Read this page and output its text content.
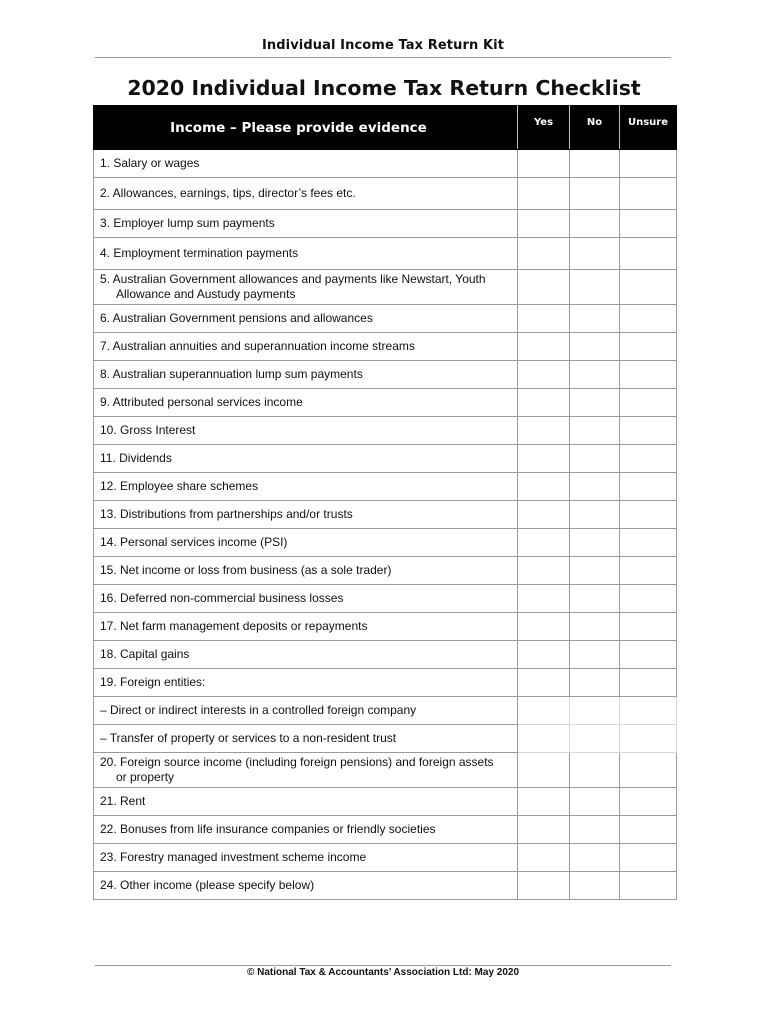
Individual Income Tax Return Kit
2020 Individual Income Tax Return Checklist
Income – Please provide evidence	Yes	No	Unsure
1. Salary or wages			
2. Allowances, earnings, tips, director’s fees etc.			
3. Employer lump sum payments			
4. Employment termination payments			
5. Australian Government allowances and payments like Newstart, Youth
Allowance and Austudy payments			

6. Australian Government pensions and allowances			
7. Australian annuities and superannuation income streams			
8. Australian superannuation lump sum payments			
9. Attributed personal services income			
10. Gross Interest			
11. Dividends			
12. Employee share schemes			
13. Distributions from partnerships and/or trusts			
14. Personal services income (PSI)			
15. Net income or loss from business (as a sole trader)			
16. Deferred non-commercial business losses			
17. Net farm management deposits or repayments			
18. Capital gains			
19. Foreign entities:			
– Direct or indirect interests in a controlled foreign company			
– Transfer of property or services to a non-resident trust			
20. Foreign source income (including foreign pensions) and foreign assets
or property			

21. Rent			
22. Bonuses from life insurance companies or friendly societies			
23. Forestry managed investment scheme income			
24. Other income (please specify below)			
© National Tax & Accountants’ Association Ltd: May 2020
